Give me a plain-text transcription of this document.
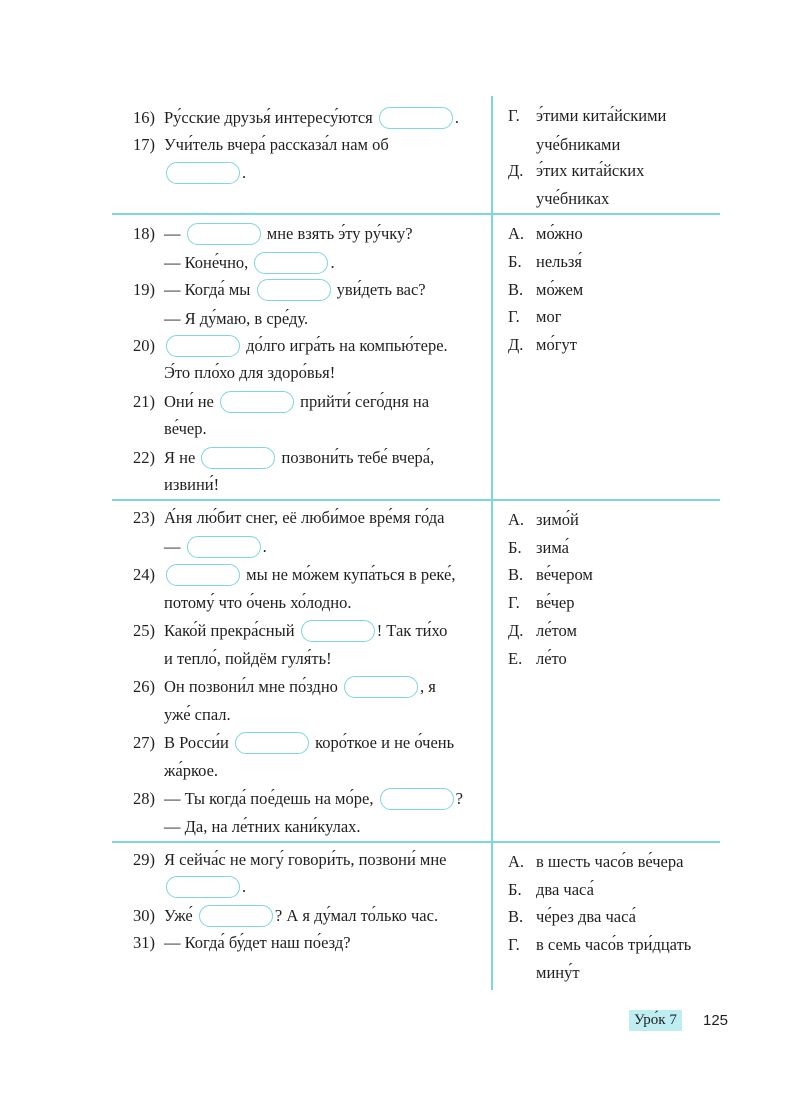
16) Ру́сские друзья́ интересу́ются	.
17) Учи́тель вчера́ рассказа́л нам об
.
Г. э́тими кита́йскими
уче́бниками
Д. э́тих кита́йских
уче́бниках
18) —	мне взять э́ту ру́чку?
— Коне́чно,	.
19) — Когда́ мы	уви́деть вас?
— Я ду́маю, в сре́ду.
20)	до́лго игра́ть на компью́тере.
Э́то пло́хо для здоро́вья!
21) Они́ не	прийти́ сего́дня на
ве́чер.
22) Я не	позвони́ть тебе́ вчера́,
извини́!
А. мо́жно
Б. нельзя́
В. мо́жем
Г. мог
Д. мо́гут
23) А́ня лю́бит снег, её люби́мое вре́мя го́да
—	.
24)	мы не мо́жем купа́ться в реке́,
потому́ что о́чень хо́лодно.
25) Како́й прекра́сный	! Так ти́хо
и тепло́, пойдём гуля́ть!
26) Он позвони́л мне по́здно	, я
уже́ спал.
27) В Росси́и	коро́ткое и не о́чень
жа́ркое.
28) — Ты когда́ пое́дешь на мо́ре,	?
— Да, на ле́тних кани́кулах.
А. зимо́й
Б. зима́
В. ве́чером
Г. ве́чер
Д. ле́том
Е. ле́то
29) Я сейча́с не могу́ говори́ть, позвони́ мне
.
30) Уже́	? А я ду́мал то́лько час.
31) — Когда́ бу́дет наш по́езд?
А. в шесть часо́в ве́чера
Б. два часа́
В. че́рез два часа́
Г. в семь часо́в три́дцать
мину́т
Уро́к 7	125
